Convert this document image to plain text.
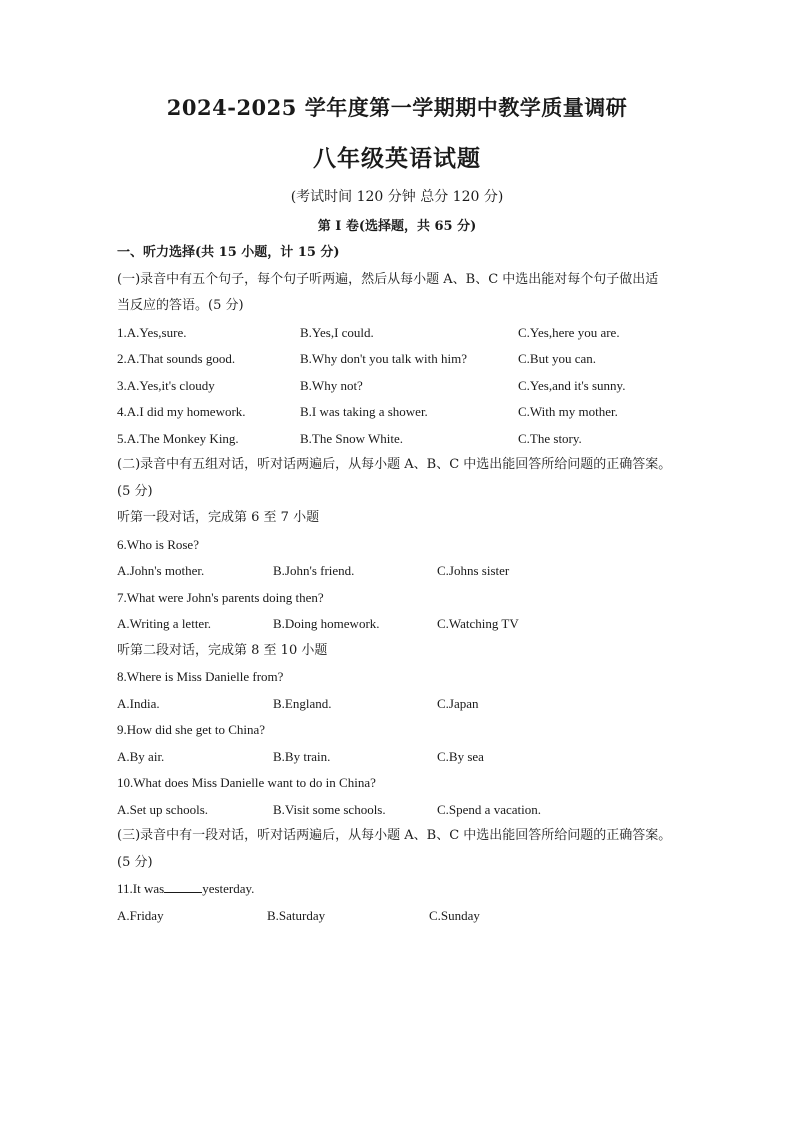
2024-2025 学年度第一学期期中教学质量调研
八年级英语试题
(考试时间 120 分钟 总分 120 分)
第 I 卷(选择题，共 65 分)
一、听力选择(共 15 小题，计 15 分)
(一)录音中有五个句子，每个句子听两遍，然后从每小题 A、B、C 中选出能对每个句子做出适
当反应的答语。(5 分)
1.A.Yes,sure.	B.Yes,I could.	C.Yes,here you are.
2.A.That sounds good.	B.Why don't you talk with him?	C.But you can.
3.A.Yes,it's cloudy	B.Why not?	C.Yes,and it's sunny.
4.A.I did my homework.	B.I was taking a shower.	C.With my mother.
5.A.The Monkey King.	B.The Snow White.	C.The story.
(二)录音中有五组对话，听对话两遍后，从每小题 A、B、C 中选出能回答所给问题的正确答案。
(5 分)
听第一段对话，完成第 6 至 7 小题
6.Who is Rose?
A.John's mother.	B.John's friend.	C.Johns sister
7.What were John's parents doing then?
A.Writing a letter.	B.Doing homework.	C.Watching TV
听第二段对话，完成第 8 至 10 小题
8.Where is Miss Danielle from?
A.India.	B.England.	C.Japan
9.How did she get to China?
A.By air.	B.By train.	C.By sea
10.What does Miss Danielle want to do in China?
A.Set up schools.	B.Visit some schools.	C.Spend a vacation.
(三)录音中有一段对话，听对话两遍后，从每小题 A、B、C 中选出能回答所给问题的正确答案。
(5 分)
11.It was	yesterday.
A.Friday	B.Saturday	C.Sunday
